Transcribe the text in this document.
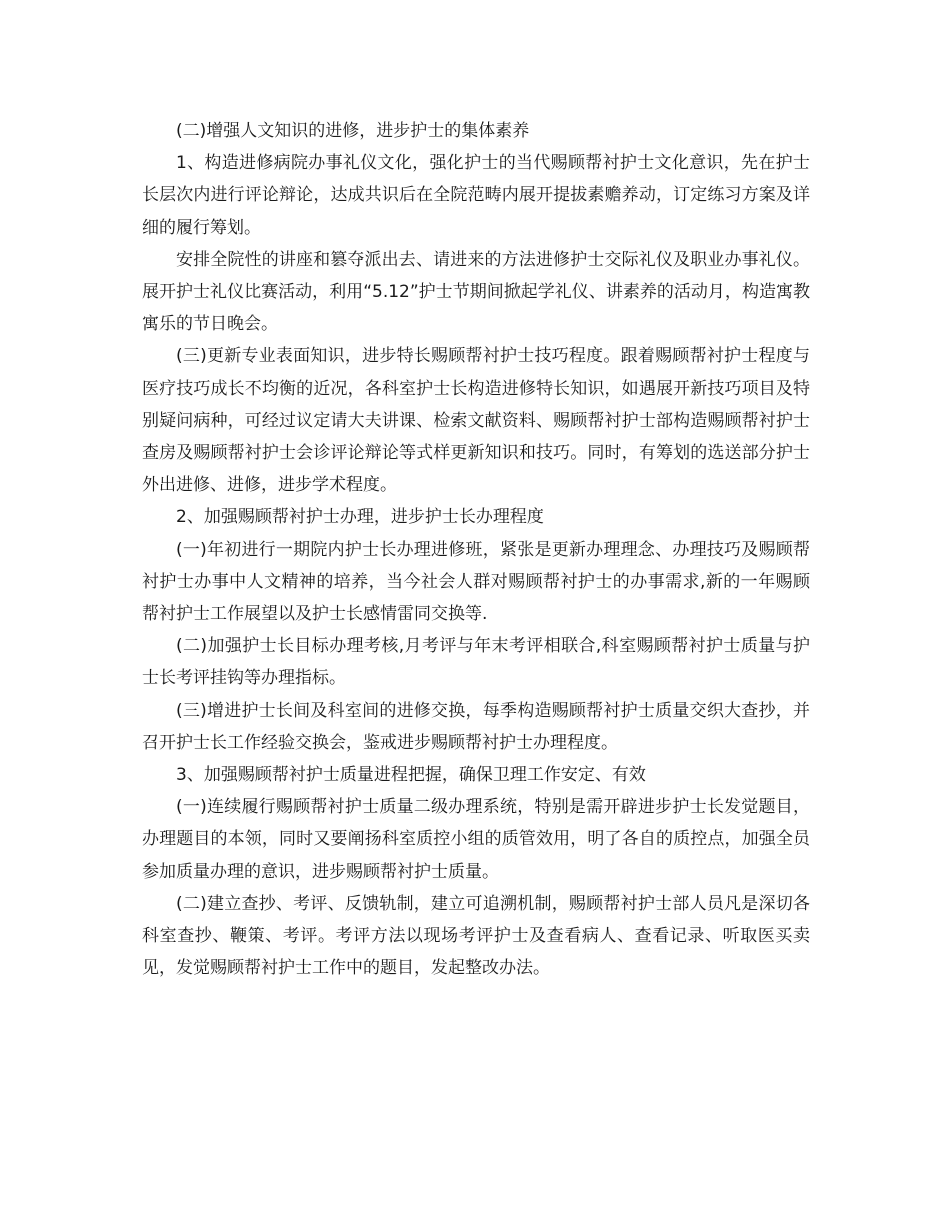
(二)增强人文知识的进修，进步护士的集体素养

1、构造进修病院办事礼仪文化，强化护士的当代赐顾帮衬护士文化意识，先在护士长层次内进行评论辩论，达成共识后在全院范畴内展开提拔素赡养动，订定练习方案及详细的履行筹划。

安排全院性的讲座和篡夺派出去、请进来的方法进修护士交际礼仪及职业办事礼仪。展开护士礼仪比赛活动，利用“5.12”护士节期间掀起学礼仪、讲素养的活动月，构造寓教寓乐的节日晚会。

(三)更新专业表面知识，进步特长赐顾帮衬护士技巧程度。跟着赐顾帮衬护士程度与医疗技巧成长不均衡的近况，各科室护士长构造进修特长知识，如遇展开新技巧项目及特别疑问病种，可经过议定请大夫讲课、检索文献资料、赐顾帮衬护士部构造赐顾帮衬护士查房及赐顾帮衬护士会诊评论辩论等式样更新知识和技巧。同时，有筹划的选送部分护士外出进修、进修，进步学术程度。

2、加强赐顾帮衬护士办理，进步护士长办理程度

(一)年初进行一期院内护士长办理进修班，紧张是更新办理理念、办理技巧及赐顾帮衬护士办事中人文精神的培养，当今社会人群对赐顾帮衬护士的办事需求,新的一年赐顾帮衬护士工作展望以及护士长感情雷同交换等.

(二)加强护士长目标办理考核,月考评与年末考评相联合,科室赐顾帮衬护士质量与护士长考评挂钩等办理指标。

(三)增进护士长间及科室间的进修交换，每季构造赐顾帮衬护士质量交织大查抄，并召开护士长工作经验交换会，鉴戒进步赐顾帮衬护士办理程度。

3、加强赐顾帮衬护士质量进程把握，确保卫理工作安定、有效

(一)连续履行赐顾帮衬护士质量二级办理系统，特别是需开辟进步护士长发觉题目，办理题目的本领，同时又要阐扬科室质控小组的质管效用，明了各自的质控点，加强全员参加质量办理的意识，进步赐顾帮衬护士质量。

(二)建立查抄、考评、反馈轨制，建立可追溯机制，赐顾帮衬护士部人员凡是深切各科室查抄、鞭策、考评。考评方法以现场考评护士及查看病人、查看记录、听取医买卖见，发觉赐顾帮衬护士工作中的题目，发起整改办法。
